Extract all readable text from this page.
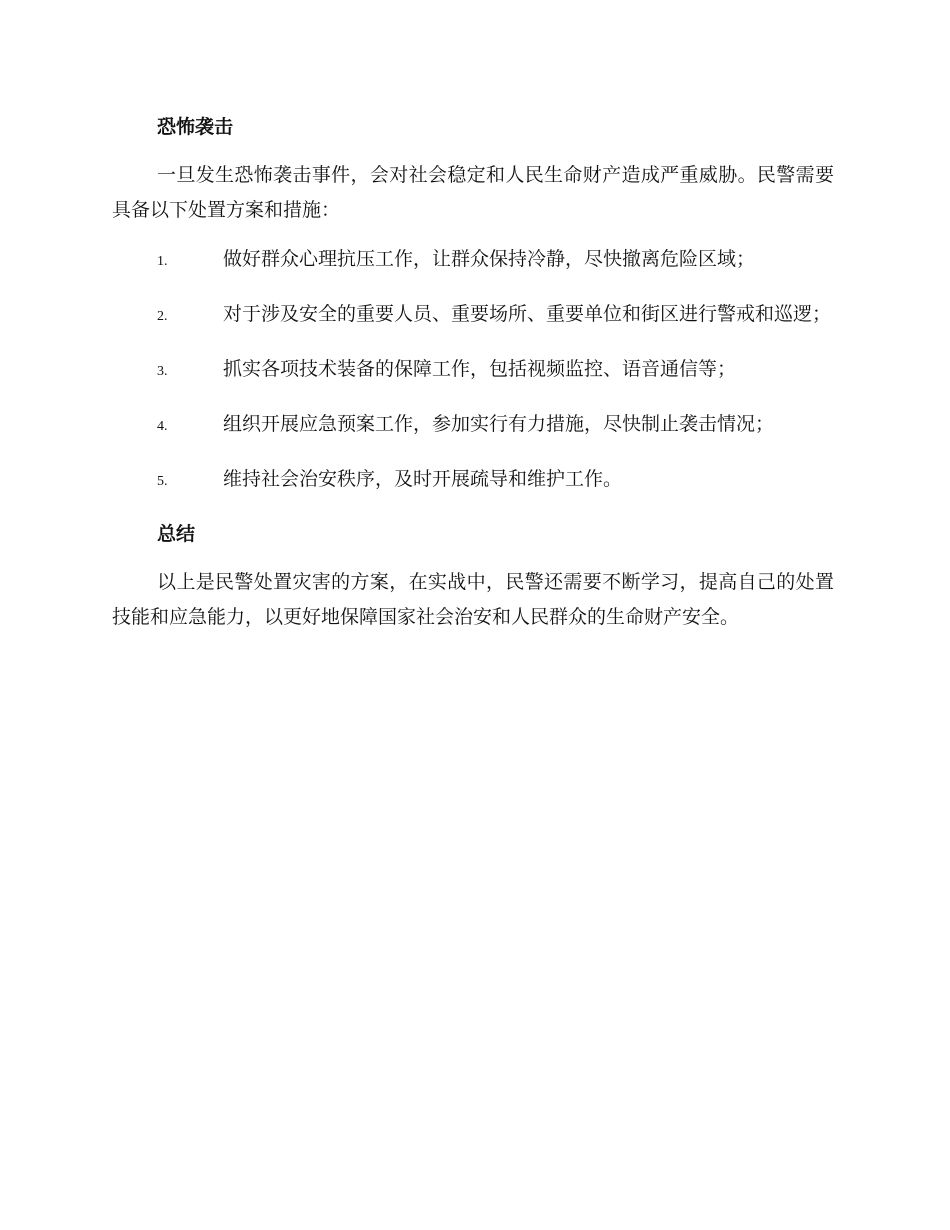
恐怖袭击

一旦发生恐怖袭击事件，会对社会稳定和人民生命财产造成严重威胁。民警需要具备以下处置方案和措施：

1.	做好群众心理抗压工作，让群众保持冷静，尽快撤离危险区域；

2.	对于涉及安全的重要人员、重要场所、重要单位和街区进行警戒和巡逻；

3.	抓实各项技术装备的保障工作，包括视频监控、语音通信等；

4.	组织开展应急预案工作，参加实行有力措施，尽快制止袭击情况；

5.	维持社会治安秩序，及时开展疏导和维护工作。

总结

以上是民警处置灾害的方案，在实战中，民警还需要不断学习，提高自己的处置技能和应急能力，以更好地保障国家社会治安和人民群众的生命财产安全。
